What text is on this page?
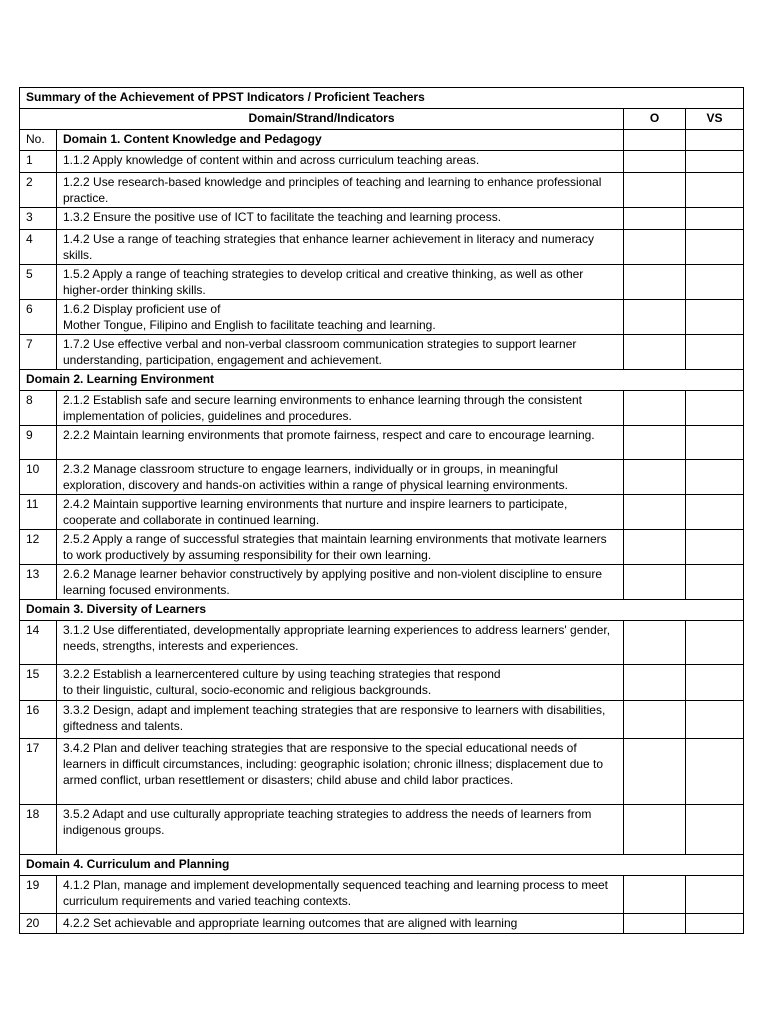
Summary of the Achievement of PPST Indicators / Proficient Teachers			
Domain/Strand/Indicators		O	VS
No.	Domain 1. Content Knowledge and Pedagogy		
1	1.1.2 Apply knowledge of content within and across curriculum teaching areas.		

2	1.2.2 Use research-based knowledge and principles of teaching and learning to enhance professional practice.		

3	1.3.2 Ensure the positive use of ICT to facilitate the teaching and learning process.		

4	1.4.2 Use a range of teaching strategies that enhance learner achievement in literacy and numeracy skills.		

5	1.5.2 Apply a range of teaching strategies to develop critical and creative thinking, as well as other higher-order thinking skills.		

6	1.6.2 Display proficient use of
Mother Tongue, Filipino and English to facilitate teaching and learning.		

7	1.7.2 Use effective verbal and non-verbal classroom communication strategies to support learner understanding, participation, engagement and achievement.		

Domain 2. Learning Environment			
8	2.1.2 Establish safe and secure learning environments to enhance learning through the consistent implementation of policies, guidelines and procedures.		

9	2.2.2 Maintain learning environments that promote fairness, respect and care to encourage learning.		

10	2.3.2 Manage classroom structure to engage learners, individually or in groups, in meaningful exploration, discovery and hands-on activities within a range of physical learning environments.		

11	2.4.2 Maintain supportive learning environments that nurture and inspire learners to participate, cooperate and collaborate in continued learning.		

12	2.5.2 Apply a range of successful strategies that maintain learning environments that motivate learners to work productively by assuming responsibility for their own learning.		

13	2.6.2 Manage learner behavior constructively by applying positive and non-violent discipline to ensure learning focused environments.		

Domain 3. Diversity of Learners			
14	3.1.2 Use differentiated, developmentally appropriate learning experiences to address learners' gender, needs, strengths, interests and experiences.		

15	3.2.2 Establish a learnercentered culture by using teaching strategies that respond
to their linguistic, cultural, socio-economic and religious backgrounds.		

16	3.3.2 Design, adapt and implement teaching strategies that are responsive to learners with disabilities, giftedness and talents.		

17	3.4.2 Plan and deliver teaching strategies that are responsive to the special educational needs of
learners in difficult circumstances, including: geographic isolation; chronic illness; displacement due to armed conflict, urban resettlement or disasters; child abuse and child labor practices.		

18	3.5.2 Adapt and use culturally appropriate teaching strategies to address the needs of learners from indigenous groups.		

Domain 4. Curriculum and Planning			
19	4.1.2 Plan, manage and implement developmentally sequenced teaching and learning process to meet curriculum requirements and varied teaching contexts.		

20	4.2.2 Set achievable and appropriate learning outcomes that are aligned with learning		
